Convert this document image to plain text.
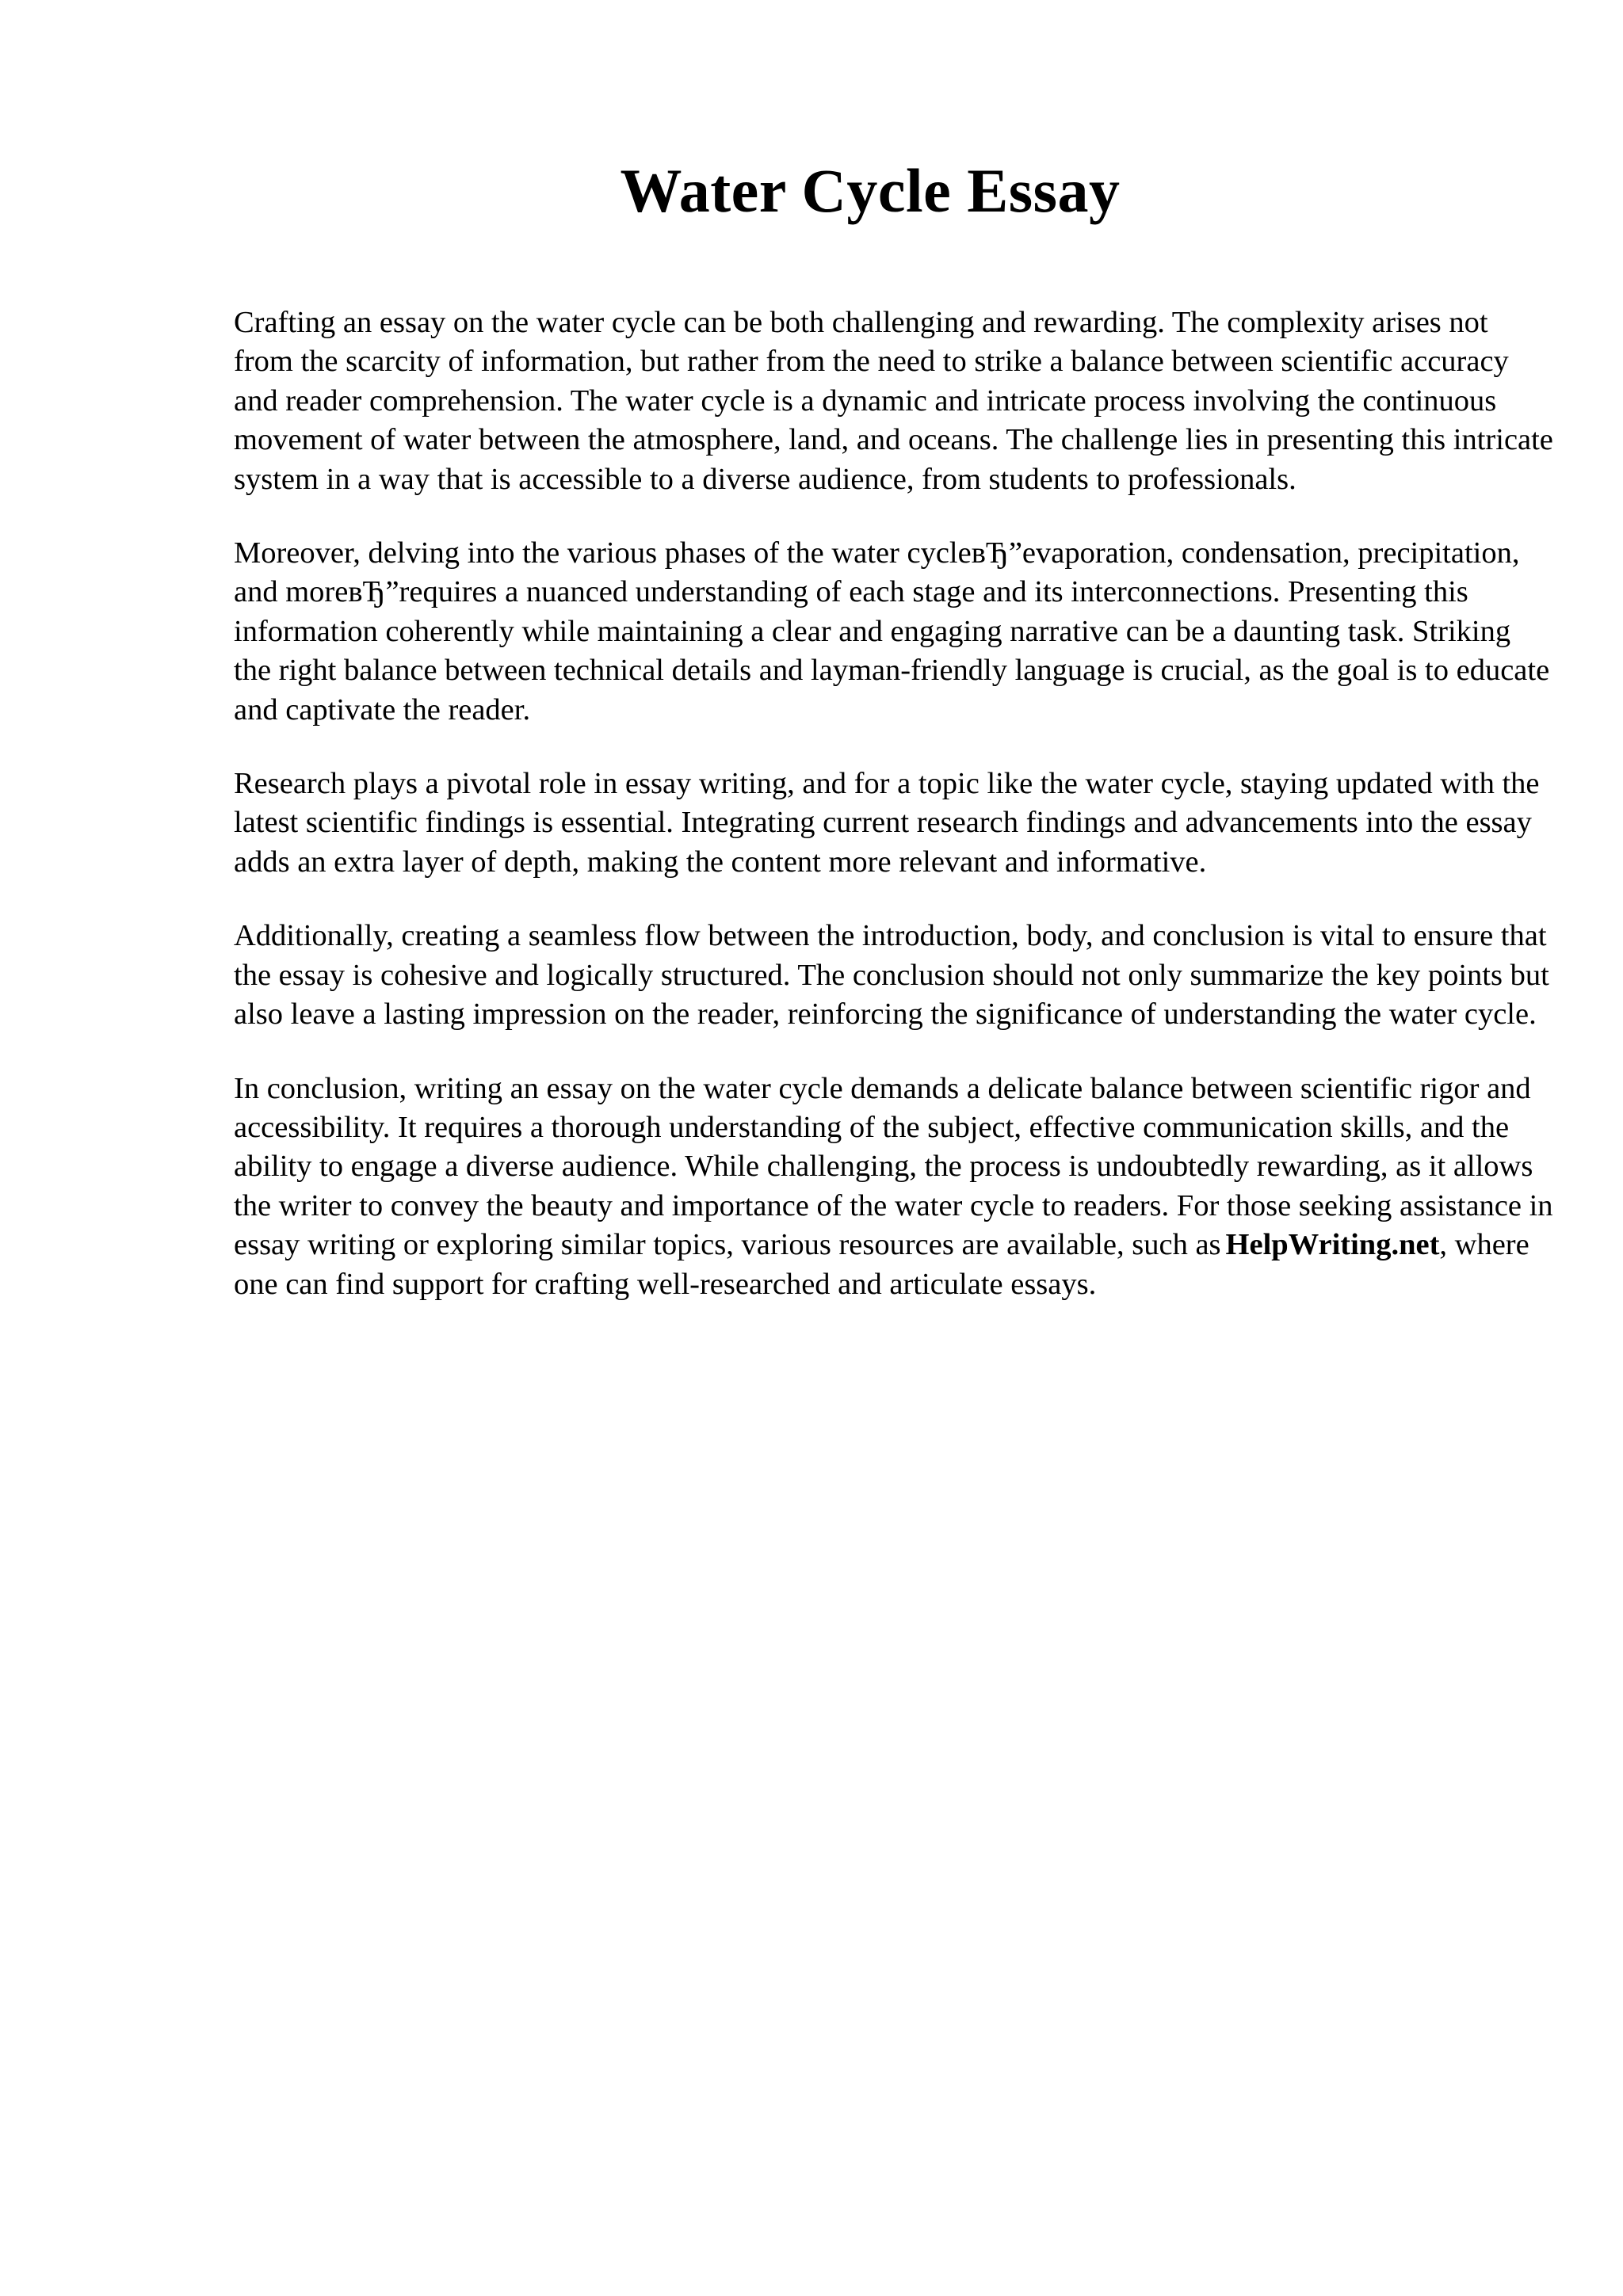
Water Cycle Essay

Crafting an essay on the water cycle can be both challenging and rewarding. The complexity arises not from the scarcity of information, but rather from the need to strike a balance between scientific accuracy and reader comprehension. The water cycle is a dynamic and intricate process involving the continuous movement of water between the atmosphere, land, and oceans. The challenge lies in presenting this intricate system in a way that is accessible to a diverse audience, from students to professionals.

Moreover, delving into the various phases of the water cycleвЂ”evaporation, condensation, precipitation, and moreвЂ”requires a nuanced understanding of each stage and its interconnections. Presenting this information coherently while maintaining a clear and engaging narrative can be a daunting task. Striking the right balance between technical details and layman-friendly language is crucial, as the goal is to educate and captivate the reader.

Research plays a pivotal role in essay writing, and for a topic like the water cycle, staying updated with the latest scientific findings is essential. Integrating current research findings and advancements into the essay adds an extra layer of depth, making the content more relevant and informative.

Additionally, creating a seamless flow between the introduction, body, and conclusion is vital to ensure that the essay is cohesive and logically structured. The conclusion should not only summarize the key points but also leave a lasting impression on the reader, reinforcing the significance of understanding the water cycle.

In conclusion, writing an essay on the water cycle demands a delicate balance between scientific rigor and accessibility. It requires a thorough understanding of the subject, effective communication skills, and the ability to engage a diverse audience. While challenging, the process is undoubtedly rewarding, as it allows the writer to convey the beauty and importance of the water cycle to readers. For those seeking assistance in essay writing or exploring similar topics, various resources are available, such as HelpWriting.net, where one can find support for crafting well-researched and articulate essays.
